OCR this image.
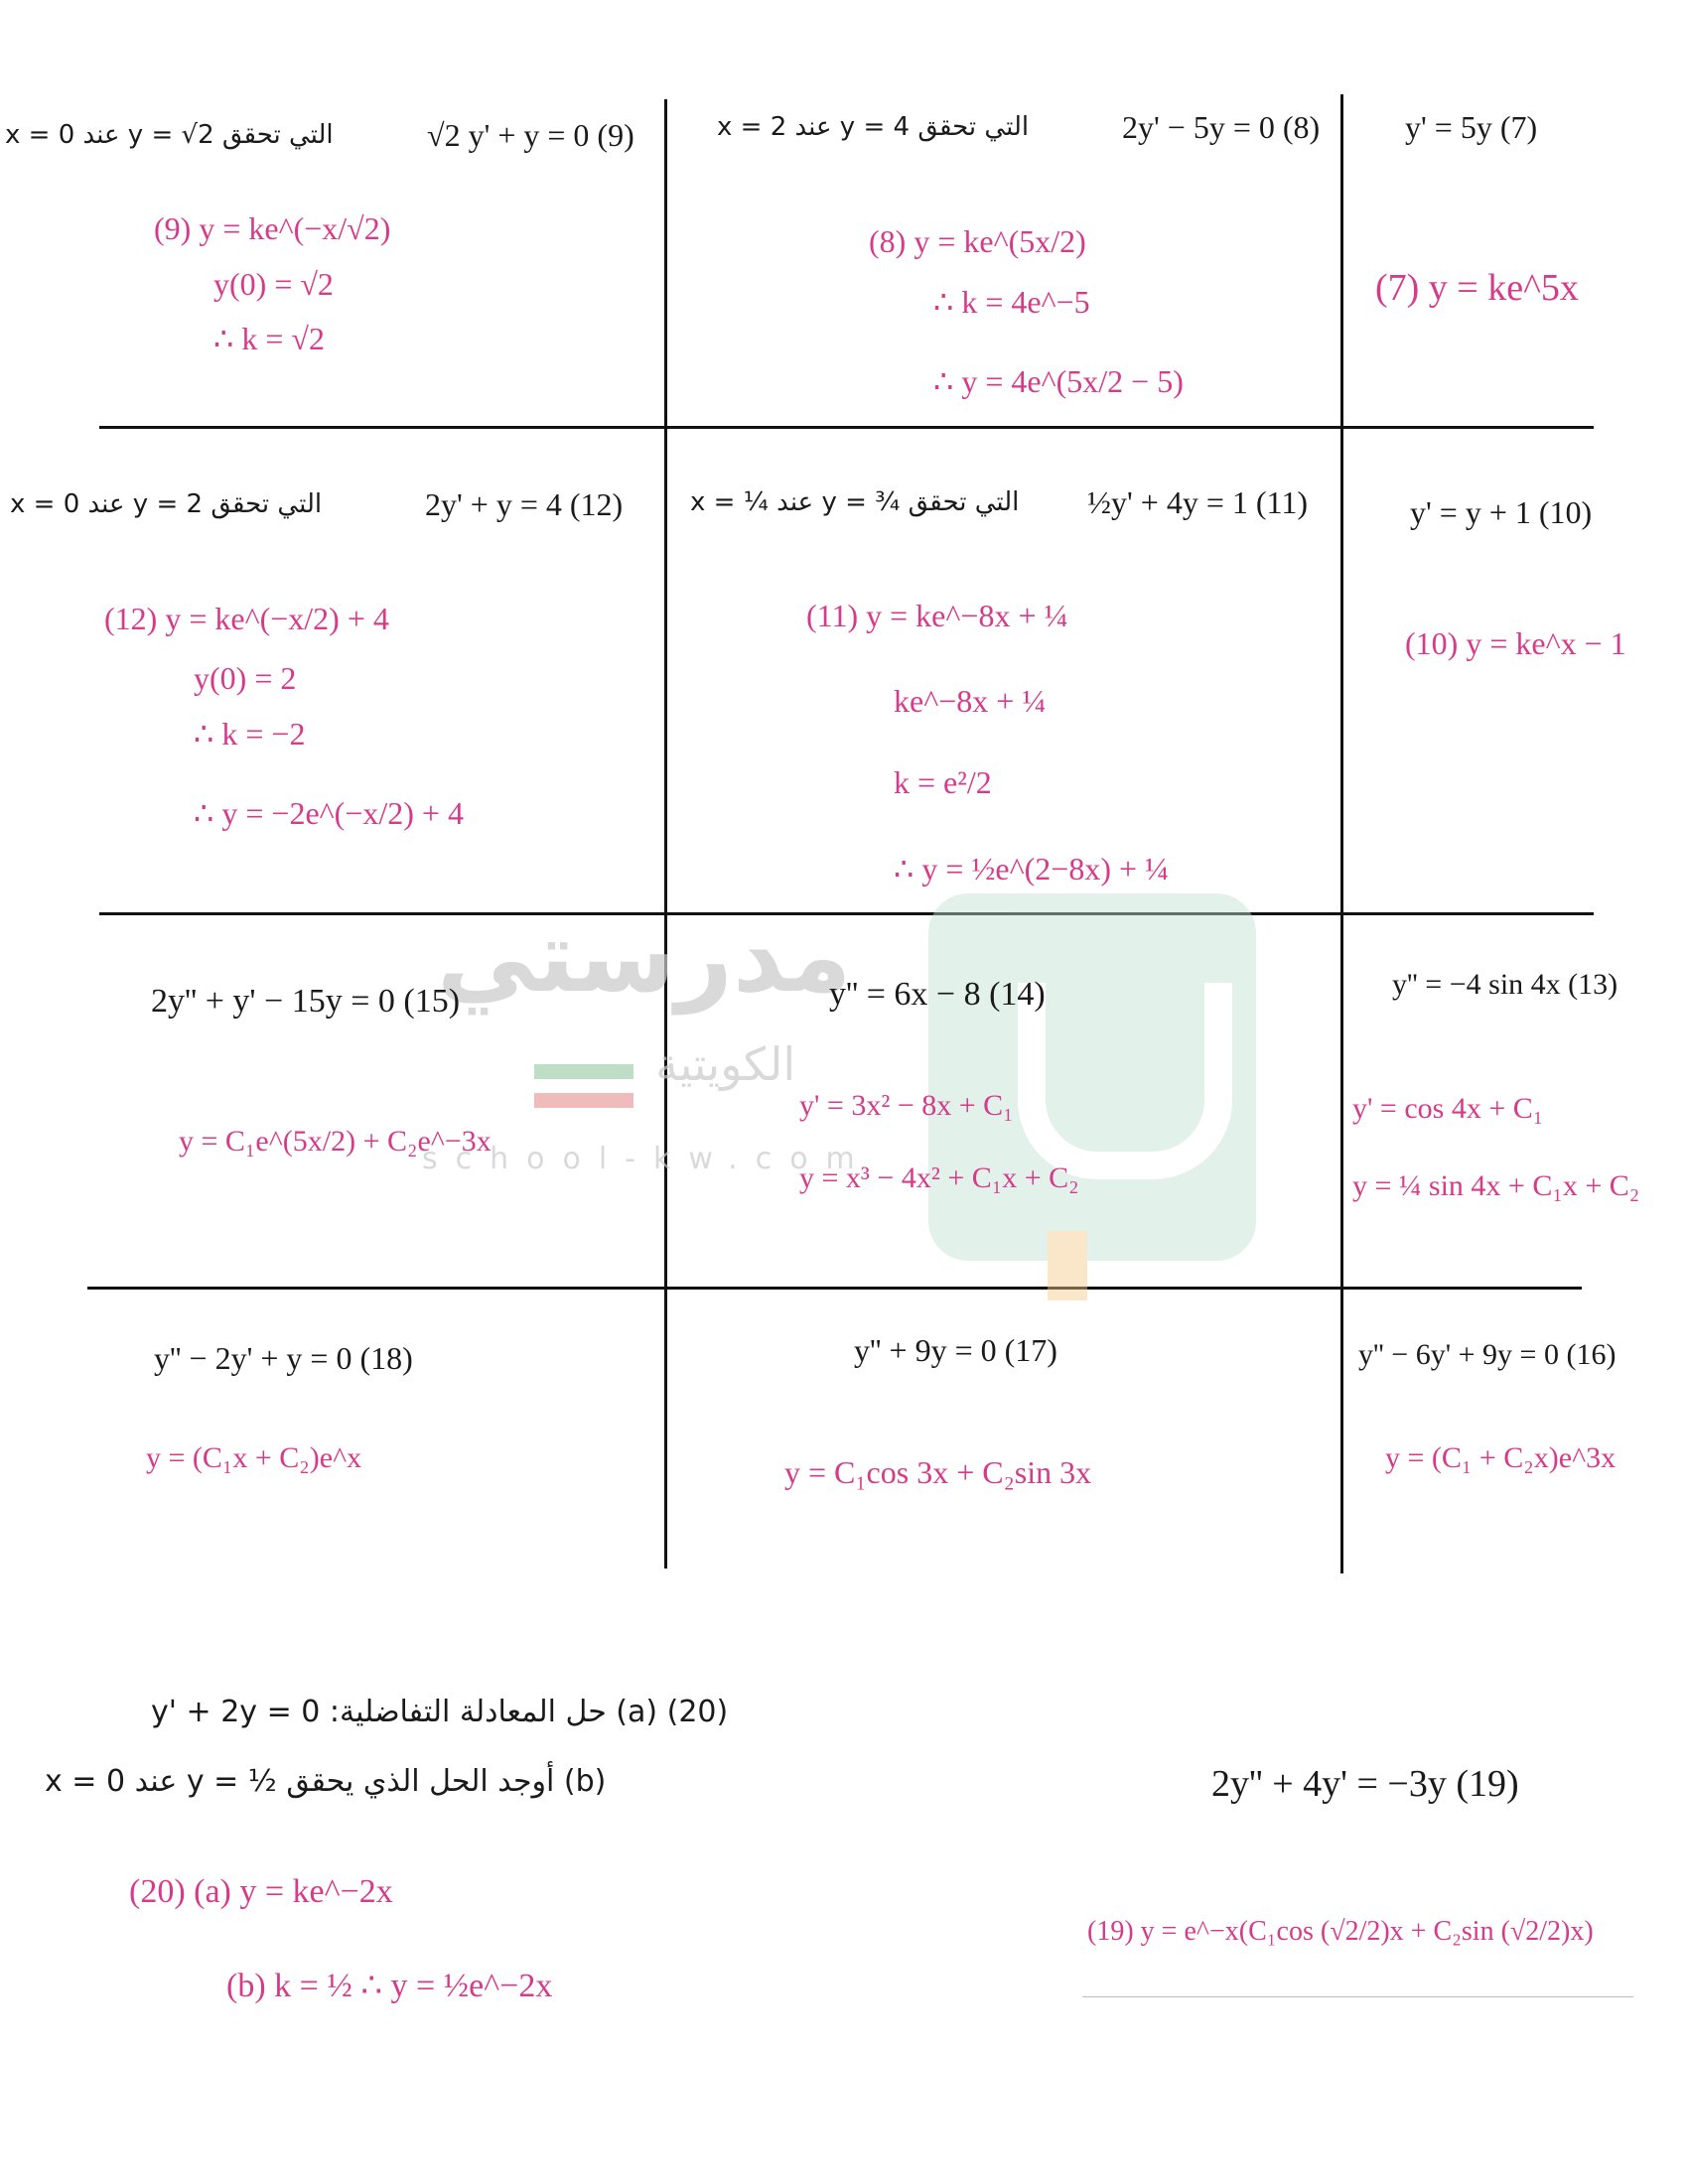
مدرستي
الكويتية
school-kw.com
√2 y' + y = 0 (9)
x = 0 عند y = √2 التي تحقق
(9) y = ke^(−x/√2)
y(0) = √2
∴ k = √2
2y' − 5y = 0 (8)
x = 2 عند y = 4 التي تحقق
(8) y = ke^(5x/2)
∴ k = 4e^−5
∴ y = 4e^(5x/2 − 5)
y' = 5y (7)
(7) y = ke^5x
2y' + y = 4 (12)
x = 0 عند y = 2 التي تحقق
(12) y = ke^(−x/2) + 4
y(0) = 2
∴ k = −2
∴ y = −2e^(−x/2) + 4
½y' + 4y = 1 (11)
x = ¼ عند y = ¾ التي تحقق
(11) y = ke^−8x + ¼
ke^−8x + ¼
k = e²/2
∴ y = ½e^(2−8x) + ¼
y' = y + 1 (10)
(10) y = ke^x − 1
2y'' + y' − 15y = 0 (15)
y = C₁e^(5x/2) + C₂e^−3x
y'' = 6x − 8 (14)
y' = 3x² − 8x + C₁
y = x³ − 4x² + C₁x + C₂
y'' = −4 sin 4x (13)
y' = cos 4x + C₁
y = ¼ sin 4x + C₁x + C₂
y'' − 2y' + y = 0 (18)
y = (C₁x + C₂)e^x
y'' + 9y = 0 (17)
y = C₁cos 3x + C₂sin 3x
y'' − 6y' + 9y = 0 (16)
y = (C₁ + C₂x)e^3x
y' + 2y = 0 :حل المعادلة التفاضلية (a) (20)
x = 0 عند y = ½ أوجد الحل الذي يحقق (b)
(20) (a) y = ke^−2x
(b) k = ½ ∴ y = ½e^−2x
2y'' + 4y' = −3y (19)
(19) y = e^−x(C₁cos (√2/2)x + C₂sin (√2/2)x)
